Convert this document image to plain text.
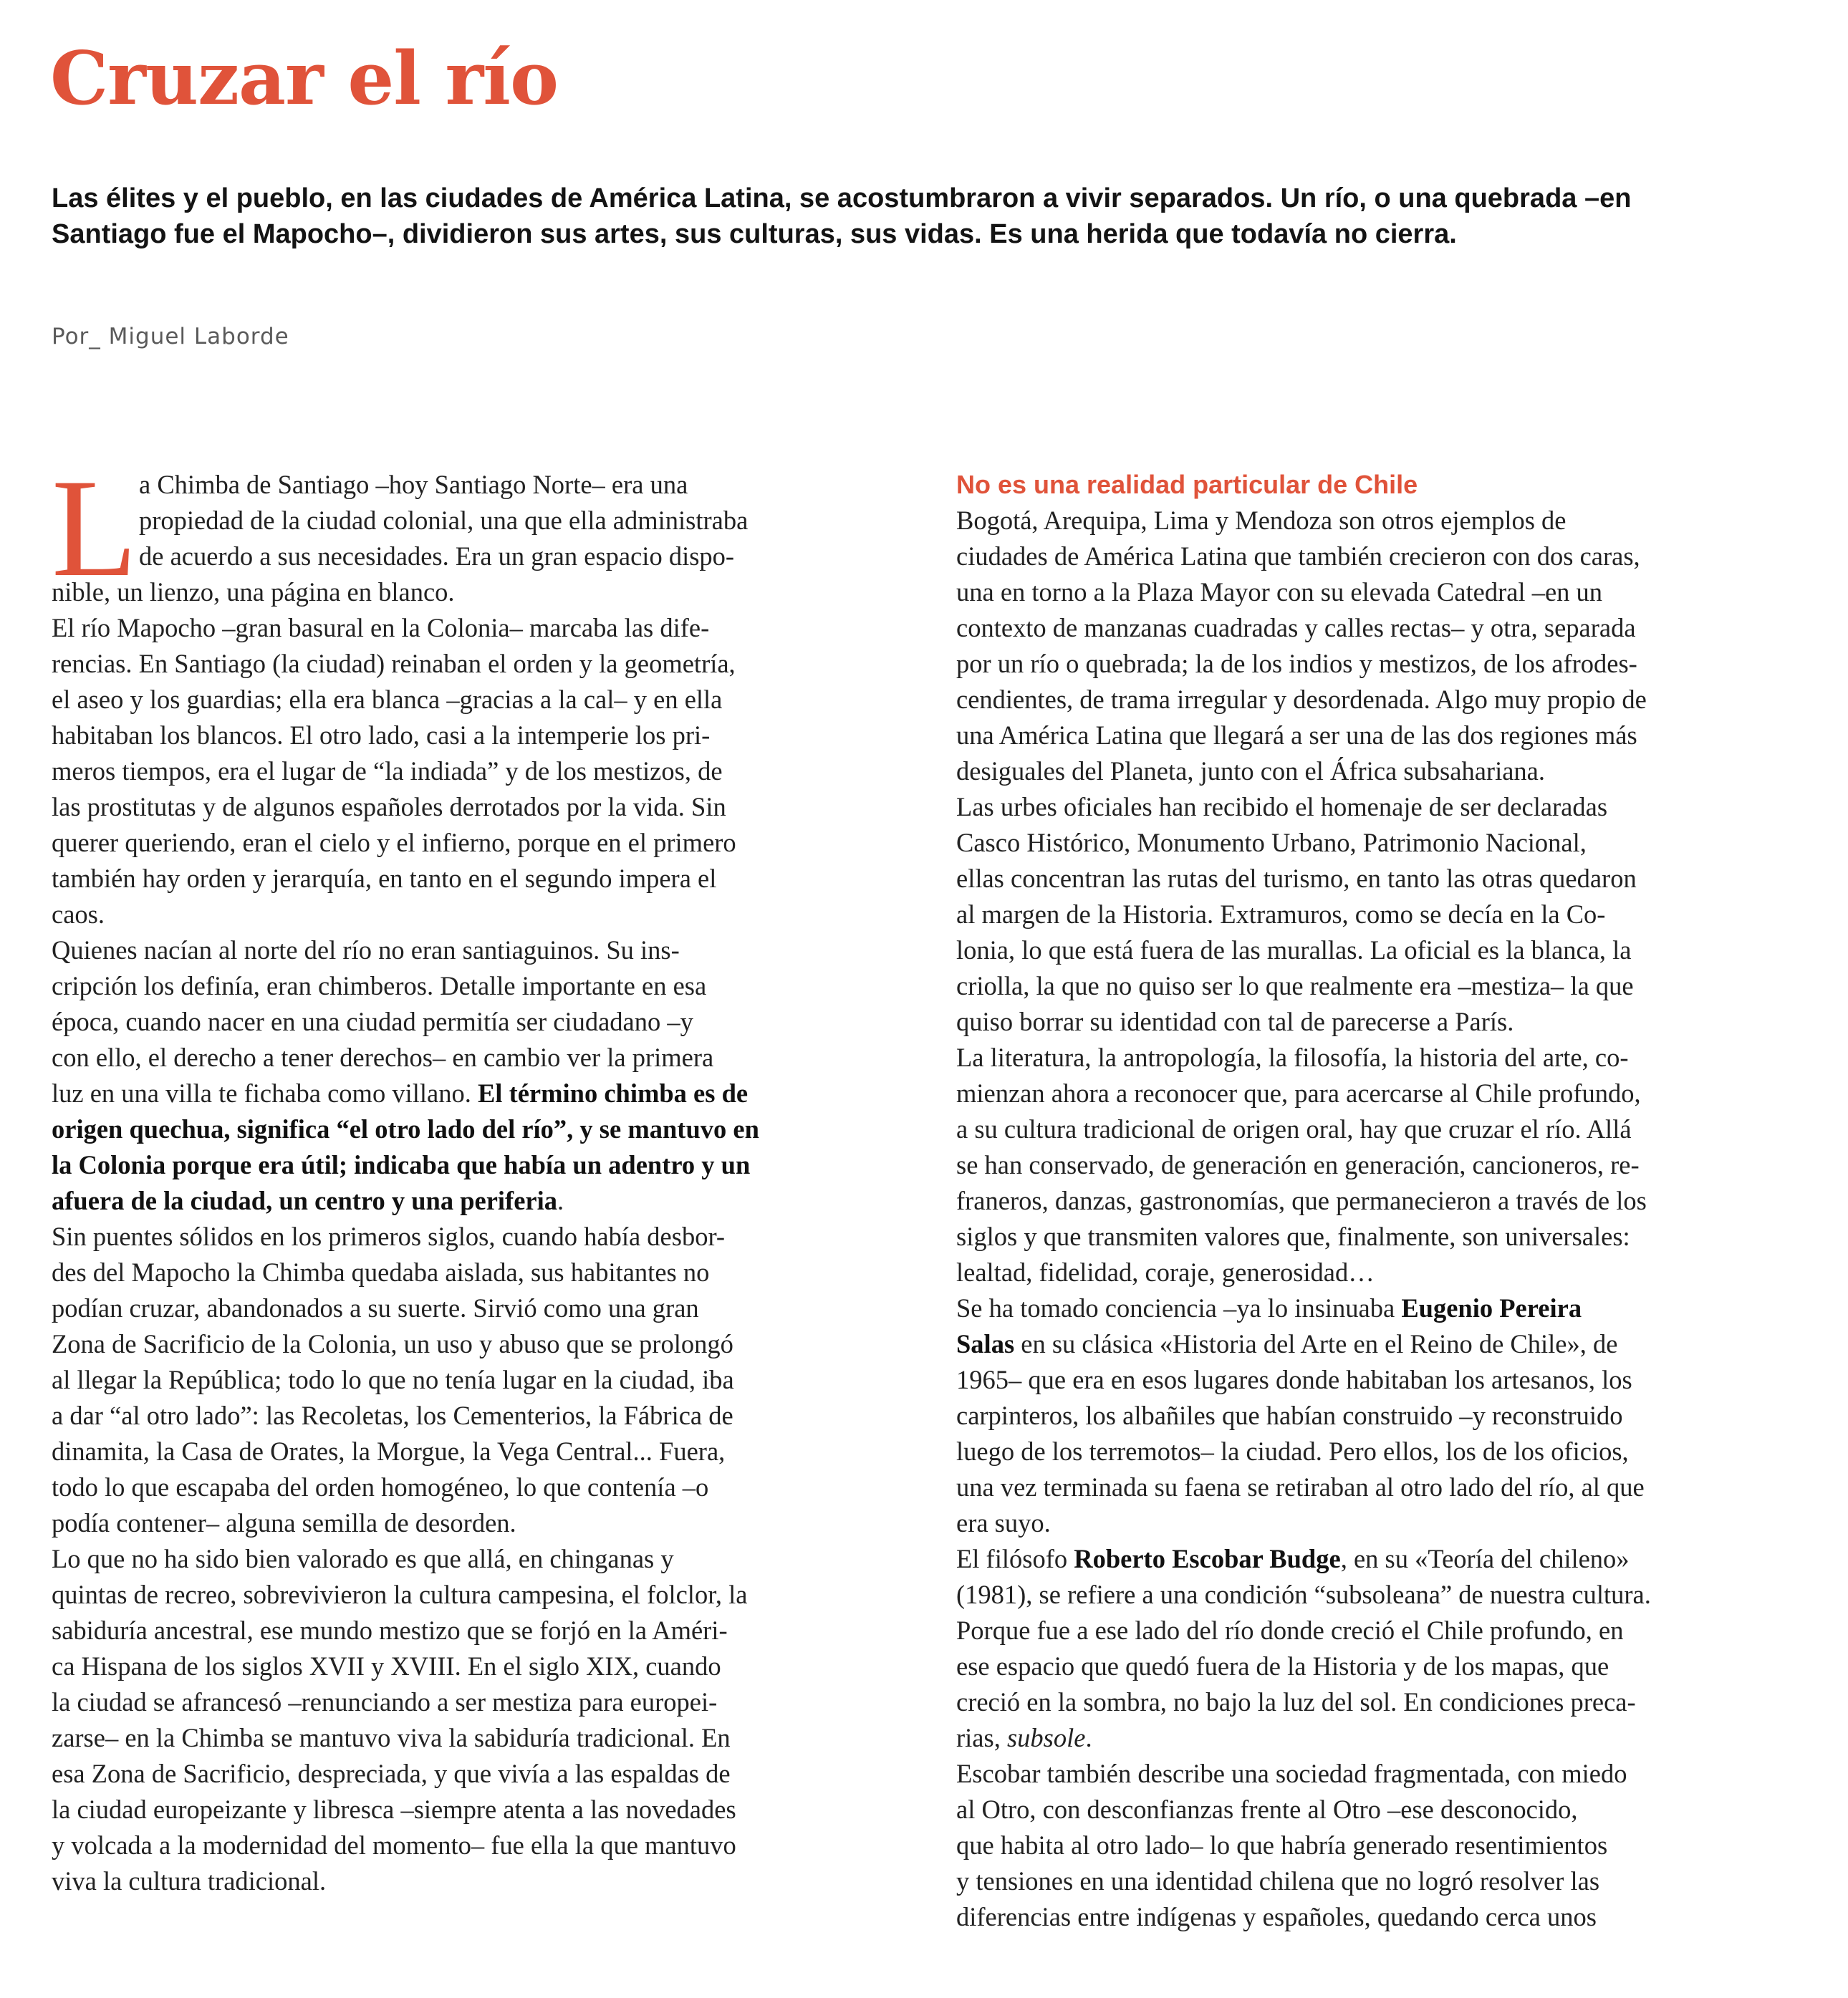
Cruzar el río

Las élites y el pueblo, en las ciudades de América Latina, se acostumbraron a vivir separados. Un río, o una quebrada –en
Santiago fue el Mapocho–, dividieron sus artes, sus culturas, sus vidas. Es una herida que todavía no cierra.

Por_ Miguel Laborde

L a Chimba de Santiago –hoy Santiago Norte– era una
propiedad de la ciudad colonial, una que ella administraba
de acuerdo a sus necesidades. Era un gran espacio dispo-
nible, un lienzo, una página en blanco.
El río Mapocho –gran basural en la Colonia– marcaba las dife-
rencias. En Santiago (la ciudad) reinaban el orden y la geometría,
el aseo y los guardias; ella era blanca –gracias a la cal– y en ella
habitaban los blancos. El otro lado, casi a la intemperie los pri-
meros tiempos, era el lugar de “la indiada” y de los mestizos, de
las prostitutas y de algunos españoles derrotados por la vida. Sin
querer queriendo, eran el cielo y el infierno, porque en el primero
también hay orden y jerarquía, en tanto en el segundo impera el
caos.
Quienes nacían al norte del río no eran santiaguinos. Su ins-
cripción los definía, eran chimberos. Detalle importante en esa
época, cuando nacer en una ciudad permitía ser ciudadano –y
con ello, el derecho a tener derechos– en cambio ver la primera
luz en una villa te fichaba como villano. El término chimba es de
origen quechua, significa “el otro lado del río”, y se mantuvo en
la Colonia porque era útil; indicaba que había un adentro y un
afuera de la ciudad, un centro y una periferia.
Sin puentes sólidos en los primeros siglos, cuando había desbor-
des del Mapocho la Chimba quedaba aislada, sus habitantes no
podían cruzar, abandonados a su suerte. Sirvió como una gran
Zona de Sacrificio de la Colonia, un uso y abuso que se prolongó
al llegar la República; todo lo que no tenía lugar en la ciudad, iba
a dar “al otro lado”: las Recoletas, los Cementerios, la Fábrica de
dinamita, la Casa de Orates, la Morgue, la Vega Central... Fuera,
todo lo que escapaba del orden homogéneo, lo que contenía –o
podía contener– alguna semilla de desorden.
Lo que no ha sido bien valorado es que allá, en chinganas y
quintas de recreo, sobrevivieron la cultura campesina, el folclor, la
sabiduría ancestral, ese mundo mestizo que se forjó en la Améri-
ca Hispana de los siglos XVII y XVIII. En el siglo XIX, cuando
la ciudad se afrancesó –renunciando a ser mestiza para europei-
zarse– en la Chimba se mantuvo viva la sabiduría tradicional. En
esa Zona de Sacrificio, despreciada, y que vivía a las espaldas de
la ciudad europeizante y libresca –siempre atenta a las novedades
y volcada a la modernidad del momento– fue ella la que mantuvo
viva la cultura tradicional.
No es una realidad particular de Chile
Bogotá, Arequipa, Lima y Mendoza son otros ejemplos de
ciudades de América Latina que también crecieron con dos caras,
una en torno a la Plaza Mayor con su elevada Catedral –en un
contexto de manzanas cuadradas y calles rectas– y otra, separada
por un río o quebrada; la de los indios y mestizos, de los afrodes-
cendientes, de trama irregular y desordenada. Algo muy propio de
una América Latina que llegará a ser una de las dos regiones más
desiguales del Planeta, junto con el África subsahariana.
Las urbes oficiales han recibido el homenaje de ser declaradas
Casco Histórico, Monumento Urbano, Patrimonio Nacional,
ellas concentran las rutas del turismo, en tanto las otras quedaron
al margen de la Historia. Extramuros, como se decía en la Co-
lonia, lo que está fuera de las murallas. La oficial es la blanca, la
criolla, la que no quiso ser lo que realmente era –mestiza– la que
quiso borrar su identidad con tal de parecerse a París.
La literatura, la antropología, la filosofía, la historia del arte, co-
mienzan ahora a reconocer que, para acercarse al Chile profundo,
a su cultura tradicional de origen oral, hay que cruzar el río. Allá
se han conservado, de generación en generación, cancioneros, re-
franeros, danzas, gastronomías, que permanecieron a través de los
siglos y que transmiten valores que, finalmente, son universales:
lealtad, fidelidad, coraje, generosidad…
Se ha tomado conciencia –ya lo insinuaba Eugenio Pereira
Salas en su clásica «Historia del Arte en el Reino de Chile», de
1965– que era en esos lugares donde habitaban los artesanos, los
carpinteros, los albañiles que habían construido –y reconstruido
luego de los terremotos– la ciudad. Pero ellos, los de los oficios,
una vez terminada su faena se retiraban al otro lado del río, al que
era suyo.
El filósofo Roberto Escobar Budge, en su «Teoría del chileno»
(1981), se refiere a una condición “subsoleana” de nuestra cultura.
Porque fue a ese lado del río donde creció el Chile profundo, en
ese espacio que quedó fuera de la Historia y de los mapas, que
creció en la sombra, no bajo la luz del sol. En condiciones preca-
rias, subsole.
Escobar también describe una sociedad fragmentada, con miedo
al Otro, con desconfianzas frente al Otro –ese desconocido,
que habita al otro lado– lo que habría generado resentimientos
y tensiones en una identidad chilena que no logró resolver las
diferencias entre indígenas y españoles, quedando cerca unos
